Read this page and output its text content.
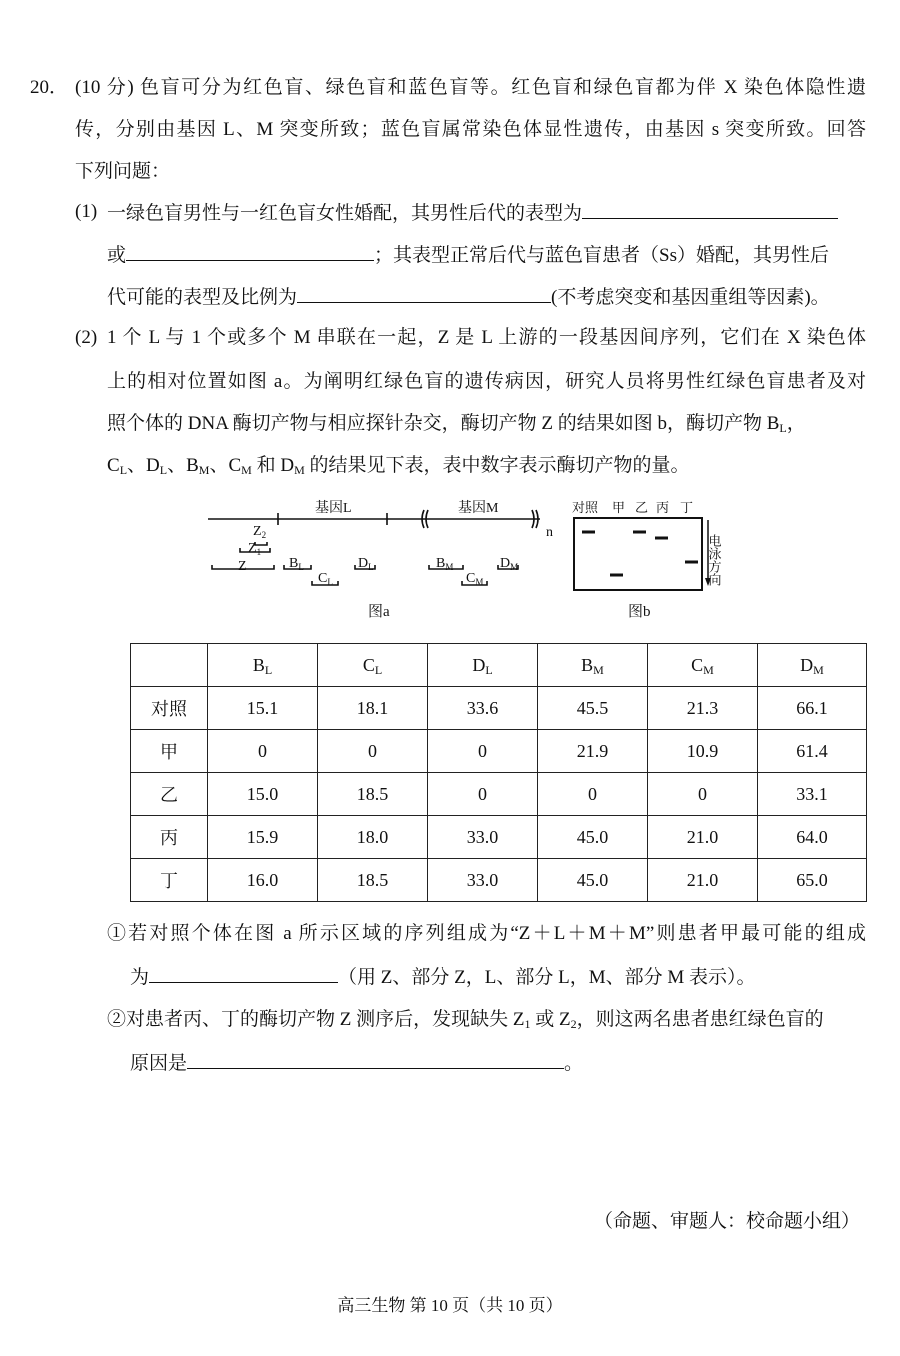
20． (10 分) 色盲可分为红色盲、绿色盲和蓝色盲等。红色盲和绿色盲都为伴 X 染色体隐性遗
传，分别由基因 L、M 突变所致；蓝色盲属常染色体显性遗传，由基因 s 突变所致。回答
下列问题：
(1) 一绿色盲男性与一红色盲女性婚配，其男性后代的表型为
或	；其表型正常后代与蓝色盲患者（Ss）婚配，其男性后
代可能的表型及比例为	(不考虑突变和基因重组等因素)。
(2) 1 个 L 与 1 个或多个 M 串联在一起，Z 是 L 上游的一段基因间序列，它们在 X 染色体
上的相对位置如图 a。为阐明红绿色盲的遗传病因，研究人员将男性红绿色盲患者及对
照个体的 DNA 酶切产物与相应探针杂交，酶切产物 Z 的结果如图 b，酶切产物 $B_L$，
$C_L$、$D_L$、$B_M$、$C_M$ 和 $D_M$ 的结果见下表，表中数字表示酶切产物的量。
基因L	基因M
n
$Z_2$
$Z_1$
Z	$B_L$
$C_L$
$D_L$	$B_M$
$C_M$
$D_M$
图a
对照 甲 乙 丙 丁
电泳方向
图b
	$B_L$	$C_L$	$D_L$	$B_M$	$C_M$	$D_M$
对照	15.1	18.1	33.6	45.5	21.3	66.1
甲	0	0	0	21.9	10.9	61.4
乙	15.0	18.5	0	0	0	33.1
丙	15.9	18.0	33.0	45.0	21.0	64.0
丁	16.0	18.5	33.0	45.0	21.0	65.0
①若对照个体在图 a 所示区域的序列组成为“Z＋L＋M＋M”则患者甲最可能的组成
为	（用 Z、部分 Z，L、部分 L，M、部分 M 表示）。
②对患者丙、丁的酶切产物 Z 测序后，发现缺失 $Z_1$ 或 $Z_2$，则这两名患者患红绿色盲的
原因是	。
（命题、审题人：校命题小组）
高三生物 第 10 页（共 10 页）
